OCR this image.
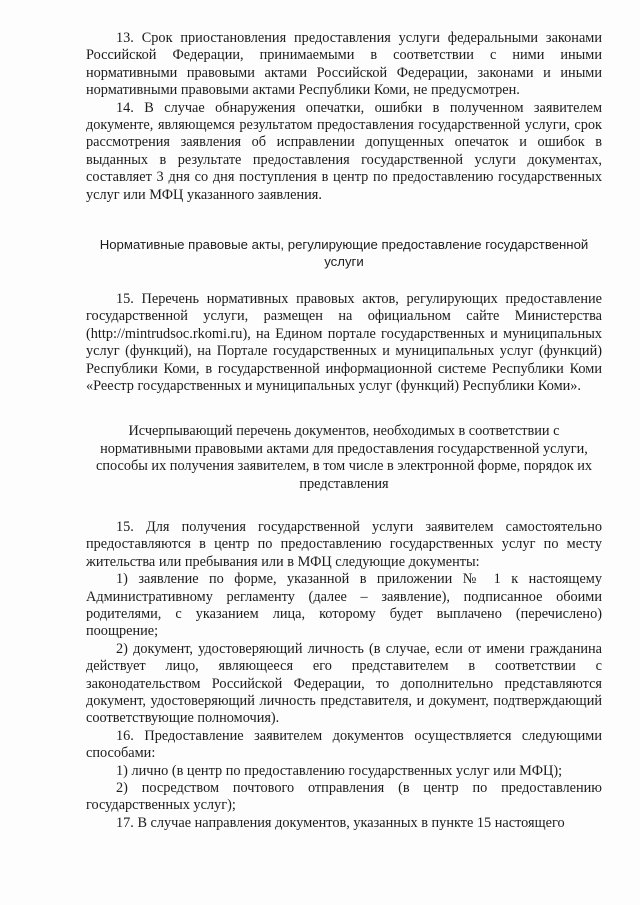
13. Срок приостановления предоставления услуги федеральными законами Российской Федерации, принимаемыми в соответствии с ними иными нормативными правовыми актами Российской Федерации, законами и иными нормативными правовыми актами Республики Коми, не предусмотрен.

14. В случае обнаружения опечатки, ошибки в полученном заявителем документе, являющемся результатом предоставления государственной услуги, срок рассмотрения заявления об исправлении допущенных опечаток и ошибок в выданных в результате предоставления государственной услуги документах, составляет 3 дня со дня поступления в центр по предоставлению государственных услуг или МФЦ указанного заявления.

Нормативные правовые акты, регулирующие предоставление государственной услуги

15. Перечень нормативных правовых актов, регулирующих предоставление государственной услуги, размещен на официальном сайте Министерства (http://mintrudsoc.rkomi.ru), на Едином портале государственных и муниципальных услуг (функций), на Портале государственных и муниципальных услуг (функций) Республики Коми, в государственной информационной системе Республики Коми «Реестр государственных и муниципальных услуг (функций) Республики Коми».

Исчерпывающий перечень документов, необходимых в соответствии с нормативными правовыми актами для предоставления государственной услуги, способы их получения заявителем, в том числе в электронной форме, порядок их представления

15. Для получения государственной услуги заявителем самостоятельно предоставляются в центр по предоставлению государственных услуг по месту жительства или пребывания или в МФЦ следующие документы:

1) заявление по форме, указанной в приложении № 1 к настоящему Административному регламенту (далее – заявление), подписанное обоими родителями, с указанием лица, которому будет выплачено (перечислено) поощрение;

2) документ, удостоверяющий личность (в случае, если от имени гражданина действует лицо, являющееся его представителем в соответствии с законодательством Российской Федерации, то дополнительно представляются документ, удостоверяющий личность представителя, и документ, подтверждающий соответствующие полномочия).

16. Предоставление заявителем документов осуществляется следующими способами:

1) лично (в центр по предоставлению государственных услуг или МФЦ);

2) посредством почтового отправления (в центр по предоставлению государственных услуг);

17. В случае направления документов, указанных в пункте 15 настоящего
